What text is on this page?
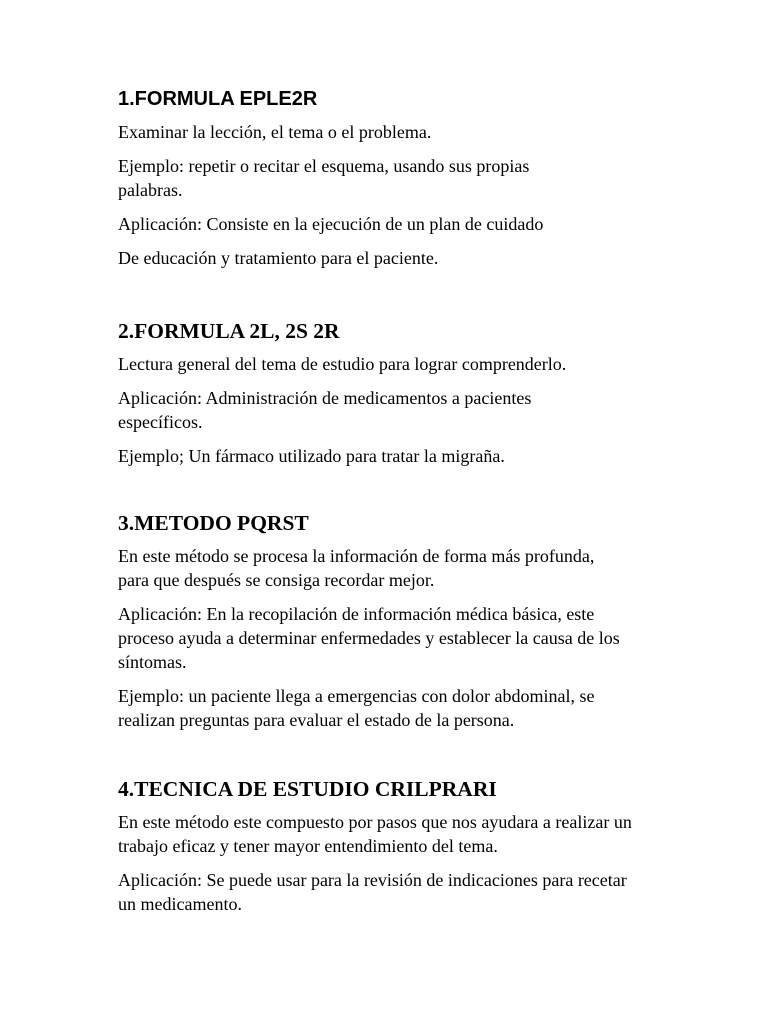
1.FORMULA EPLE2R

Examinar la lección, el tema o el problema.

Ejemplo: repetir o recitar el esquema, usando sus propias palabras.

Aplicación: Consiste en la ejecución de un plan de cuidado

De educación y tratamiento para el paciente.

2.FORMULA 2L, 2S 2R

Lectura general del tema de estudio para lograr comprenderlo.

Aplicación: Administración de medicamentos a pacientes específicos.

Ejemplo; Un fármaco utilizado para tratar la migraña.

3.METODO PQRST

En este método se procesa la información de forma más profunda, para que después se consiga recordar mejor.

Aplicación: En la recopilación de información médica básica, este proceso ayuda a determinar enfermedades y establecer la causa de los síntomas.

Ejemplo: un paciente llega a emergencias con dolor abdominal, se realizan preguntas para evaluar el estado de la persona.

4.TECNICA DE ESTUDIO CRILPRARI

En este método este compuesto por pasos que nos ayudara a realizar un trabajo eficaz y tener mayor entendimiento del tema.

Aplicación: Se puede usar para la revisión de indicaciones para recetar un medicamento.
